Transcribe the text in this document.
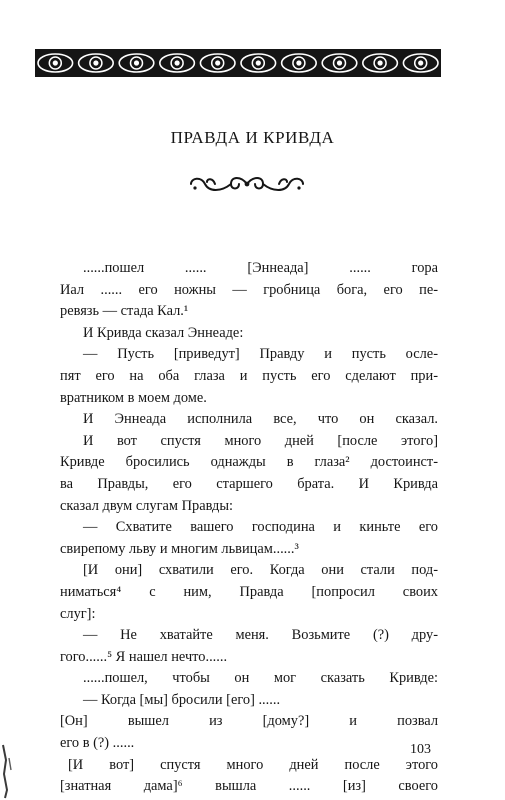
ПРАВДА И КРИВДА
......пошел ...... [Эннеада] ...... гора
Иал ...... его ножны — гробница бога, его пе-
ревязь — стада Кал.¹
И Кривда сказал Эннеаде:
— Пусть [приведут] Правду и пусть осле-
пят его на оба глаза и пусть его сделают при-
вратником в моем доме.
И Эннеада исполнила все, что он сказал.
И вот спустя много дней [после этого]
Кривде бросились однажды в глаза² достоинст-
ва Правды, его старшего брата. И Кривда
сказал двум слугам Правды:
— Схватите вашего господина и киньте его
свирепому льву и многим львицам......³
[И они] схватили его. Когда они стали под-
ниматься⁴ с ним, Правда [попросил своих
слуг]:
— Не хватайте меня. Возьмите (?) дру-
гого......⁵ Я нашел нечто......
......пошел, чтобы он мог сказать Кривде:
— Когда [мы] бросили [его] ......
[Он] вышел из [дому?] и позвал
его в (?) ......
[И вот] спустя много дней после этого
[знатная дама]⁶ вышла ...... [из] своего
103
